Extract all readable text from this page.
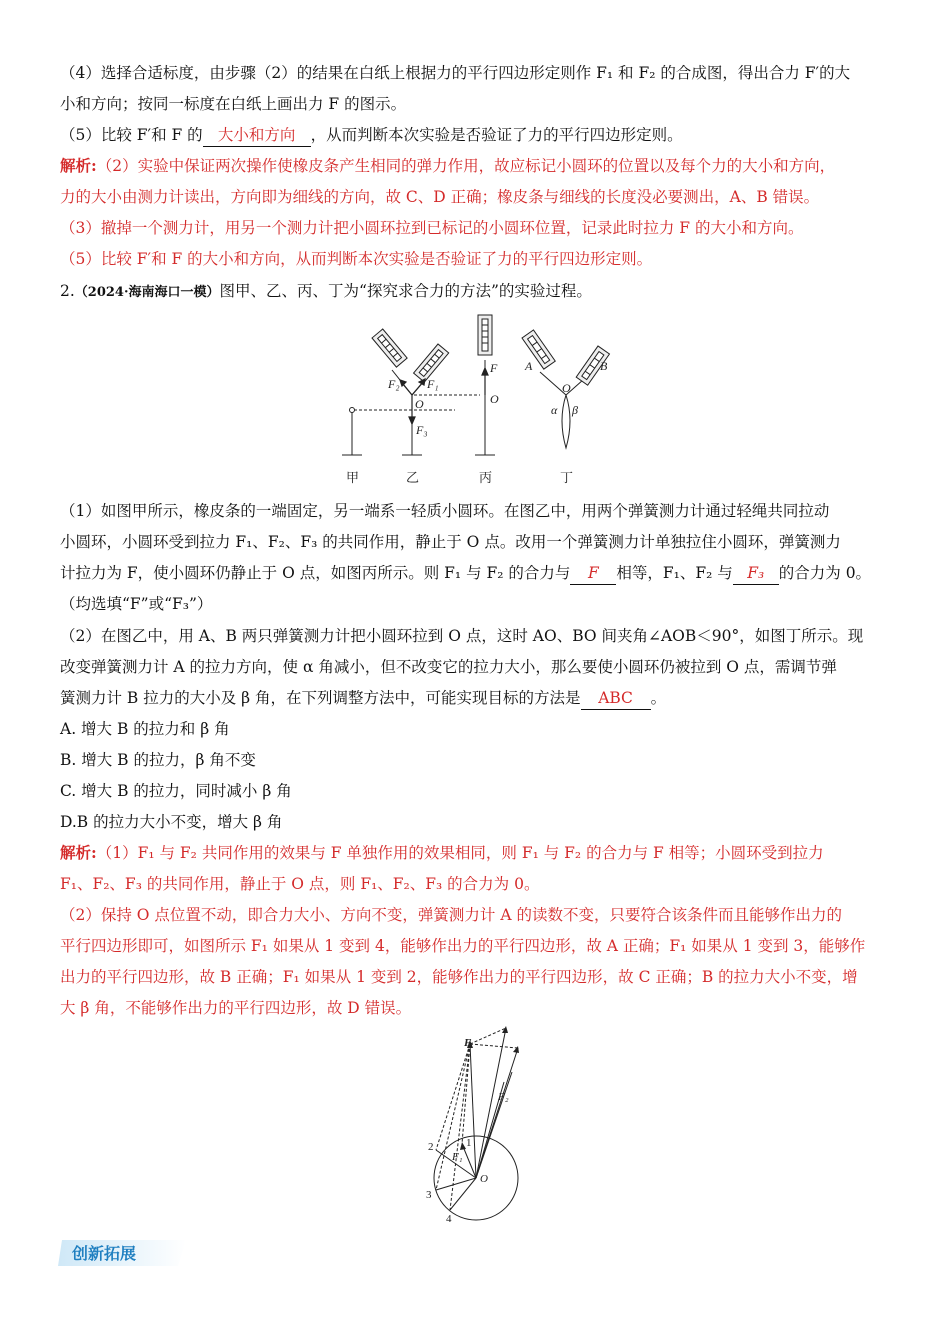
（4）选择合适标度，由步骤（2）的结果在白纸上根据力的平行四边形定则作 F₁ 和 F₂ 的合成图，得出合力 F′的大
小和方向；按同一标度在白纸上画出力 F 的图示。
（5）比较 F′和 F 的 大小和方向 ，从而判断本次实验是否验证了力的平行四边形定则。
解析:（2）实验中保证两次操作使橡皮条产生相同的弹力作用，故应标记小圆环的位置以及每个力的大小和方向，
力的大小由测力计读出，方向即为细线的方向，故 C、D 正确；橡皮条与细线的长度没必要测出，A、B 错误。
（3）撤掉一个测力计，用另一个测力计把小圆环拉到已标记的小圆环位置，记录此时拉力 F 的大小和方向。
（5）比较 F′和 F 的大小和方向，从而判断本次实验是否验证了力的平行四边形定则。
2.（2024·海南海口一模）图甲、乙、丙、丁为“探究求合力的方法”的实验过程。
F₂ F₁
O
F₃
F
O
A	B
O
α β
甲	乙	丙	丁
（1）如图甲所示，橡皮条的一端固定，另一端系一轻质小圆环。在图乙中，用两个弹簧测力计通过轻绳共同拉动
小圆环，小圆环受到拉力 F₁、F₂、F₃ 的共同作用，静止于 O 点。改用一个弹簧测力计单独拉住小圆环，弹簧测力
计拉力为 F，使小圆环仍静止于 O 点，如图丙所示。则 F₁ 与 F₂ 的合力与 F 相等，F₁、F₂ 与 F₃ 的合力为 0。
（均选填“F”或“F₃”）
（2）在图乙中，用 A、B 两只弹簧测力计把小圆环拉到 O 点，这时 AO、BO 间夹角∠AOB＜90°，如图丁所示。现
改变弹簧测力计 A 的拉力方向，使 α 角减小，但不改变它的拉力大小，那么要使小圆环仍被拉到 O 点，需调节弹
簧测力计 B 拉力的大小及 β 角，在下列调整方法中，可能实现目标的方法是 ABC 。
A. 增大 B 的拉力和 β 角
B. 增大 B 的拉力，β 角不变
C. 增大 B 的拉力，同时减小 β 角
D.B 的拉力大小不变，增大 β 角
解析:（1）F₁ 与 F₂ 共同作用的效果与 F 单独作用的效果相同，则 F₁ 与 F₂ 的合力与 F 相等；小圆环受到拉力
F₁、F₂、F₃ 的共同作用，静止于 O 点，则 F₁、F₂、F₃ 的合力为 0。
（2）保持 O 点位置不动，即合力大小、方向不变，弹簧测力计 A 的读数不变，只要符合该条件而且能够作出力的
平行四边形即可，如图所示 F₁ 如果从 1 变到 4，能够作出力的平行四边形，故 A 正确；F₁ 如果从 1 变到 3，能够作
出力的平行四边形，故 B 正确；F₁ 如果从 1 变到 2，能够作出力的平行四边形，故 C 正确；B 的拉力大小不变，增
大 β 角，不能够作出力的平行四边形，故 D 错误。
F
F₂
F₁
O
1
2
3
4
创新拓展
